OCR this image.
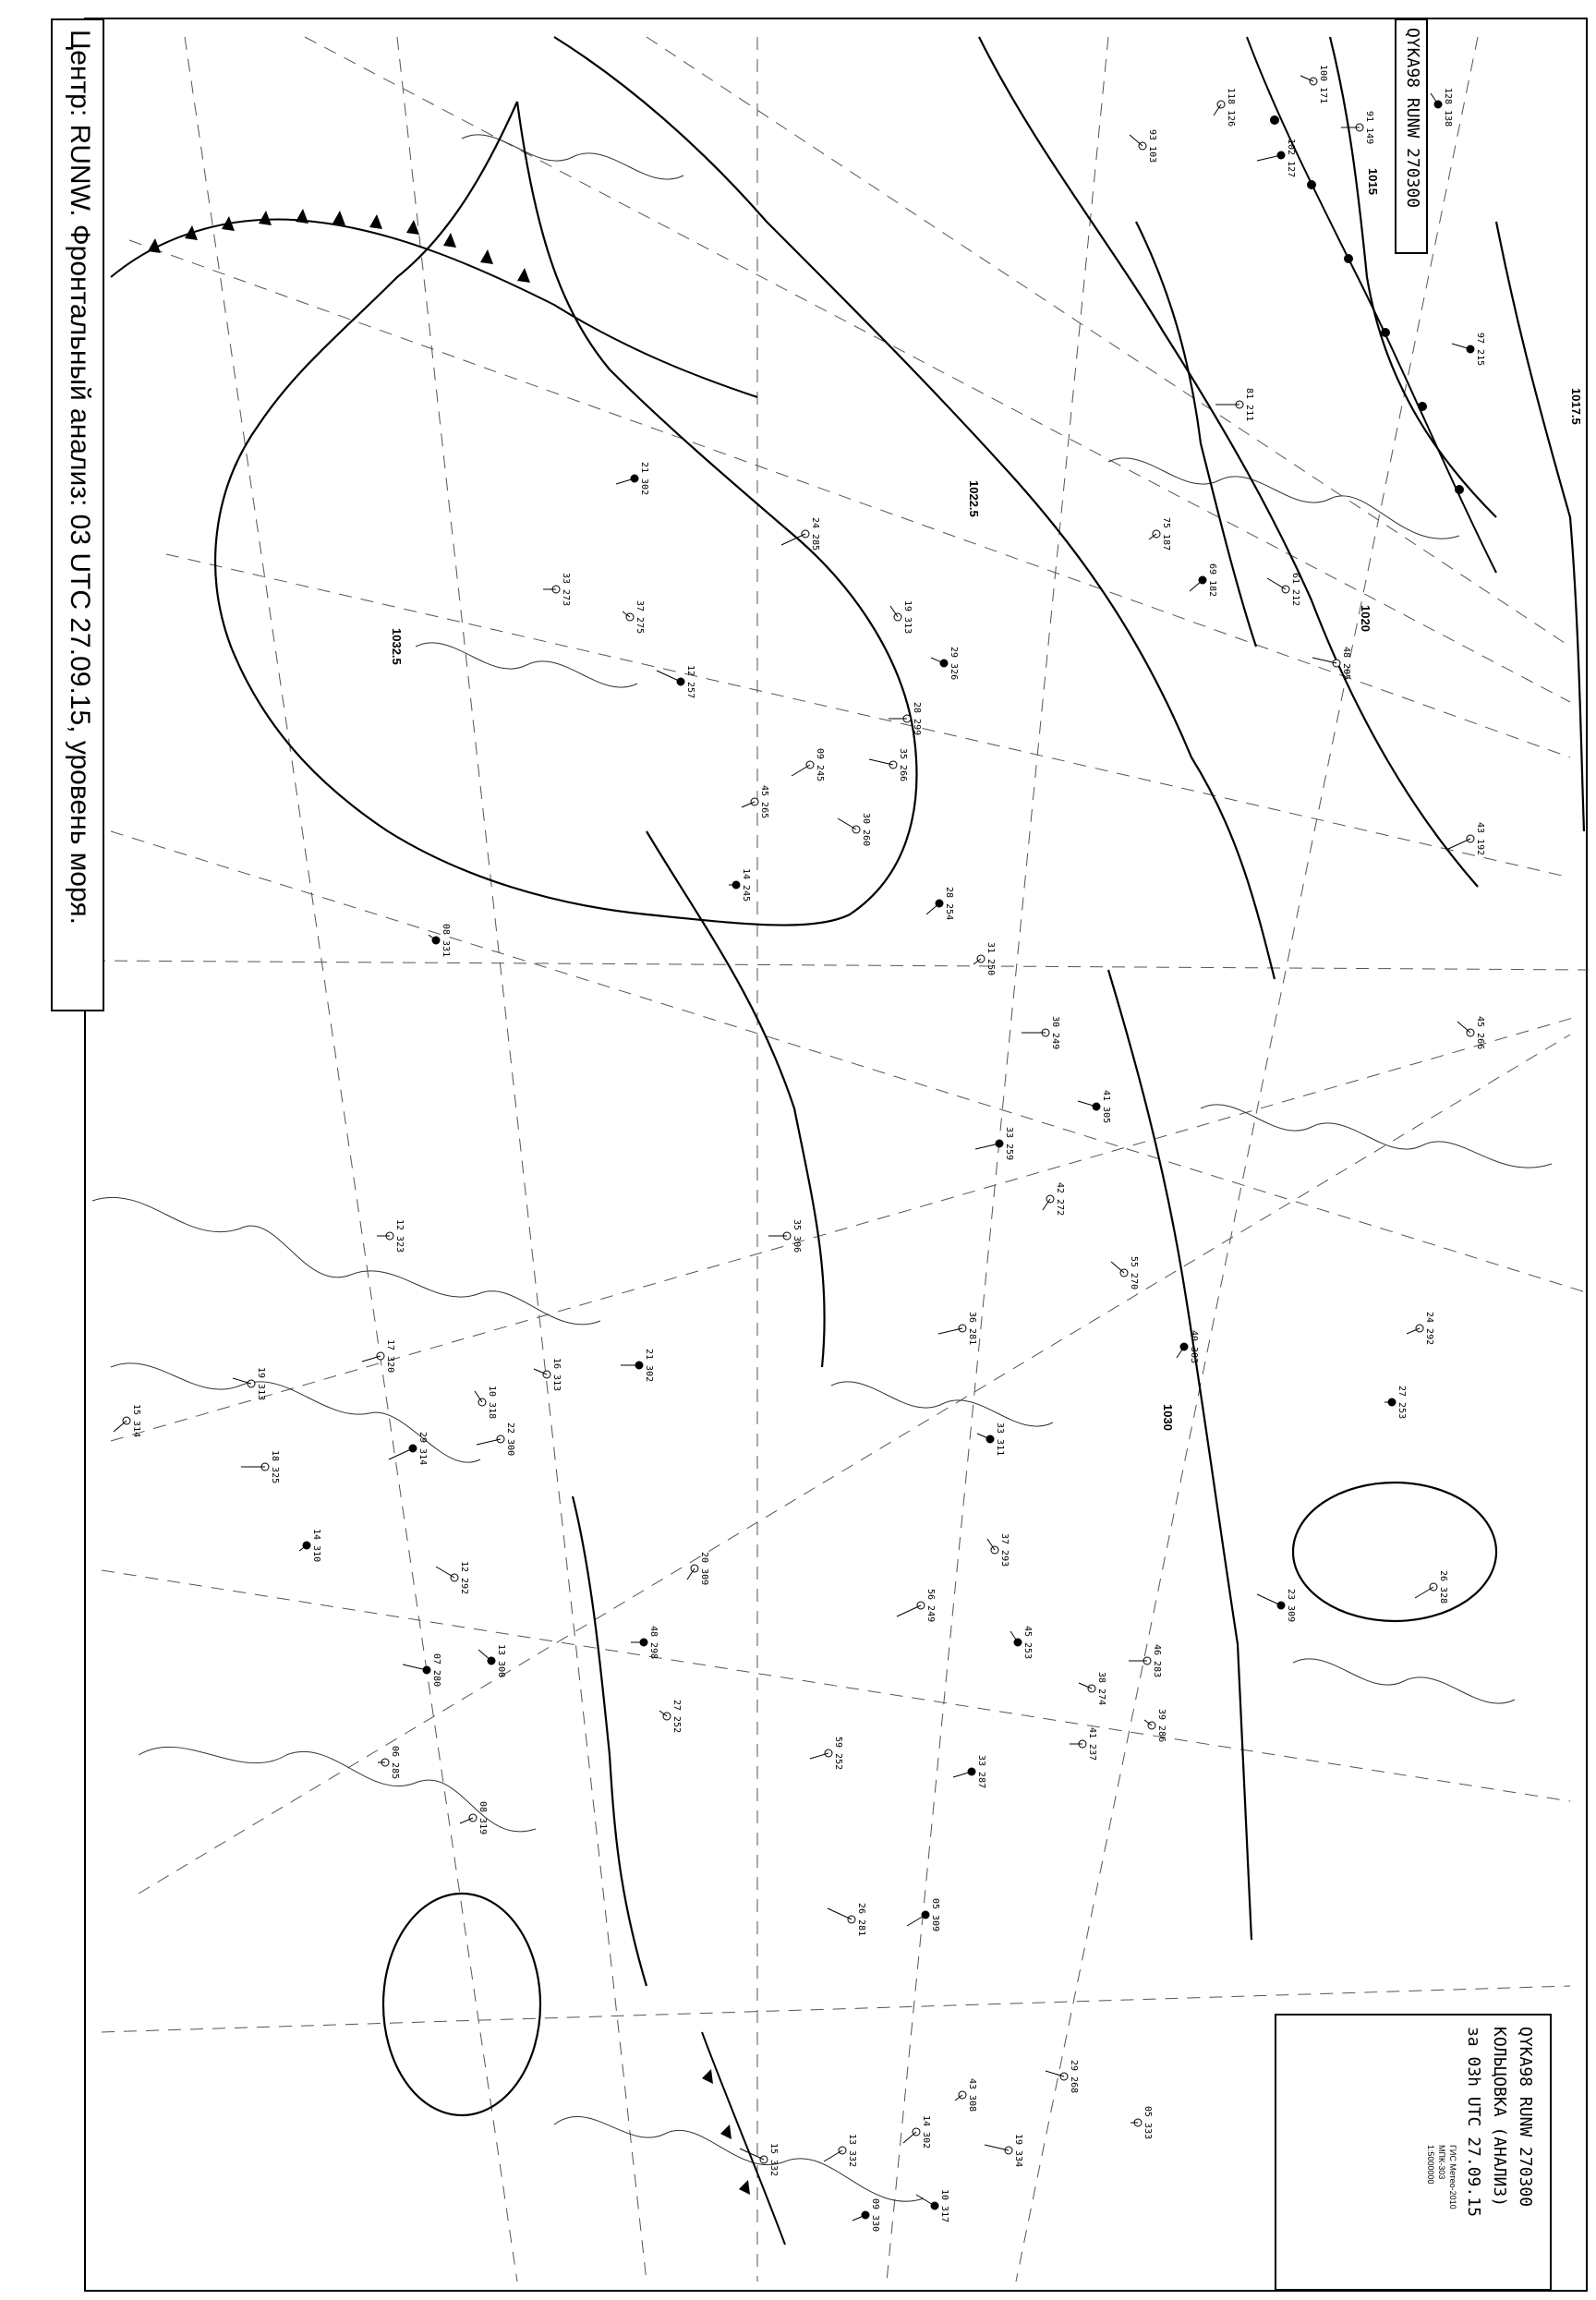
1015
1017.5
1020
1022.5
1030
1032.5
128 138
100 171
91 149
102 127
118 126
93 103
97 215
81 211
75 187
69 182	61 212
48 205
27 253
24 292
26 328
23 309
39 286
41 237
33 287
43 192
37 293
33 311
35 306
36 281
40 303
45 266
29 268
43 308
14 302
10 317
19 334
05 333
09 330
13 332
15 332
08 331
12 323
17 320
29 314
10 318
16 313	21 302
22 300
20 309
13 300
19 313
18 325
14 310
15 314
12 292
07 280
06 285
08 319
05 309
26 281
27 252
48 298
59 252
56 249
45 253
38 274
46 283
33 259
42 272
55 270
41 305
30 249
31 250
28 254
30 260
35 266
14 245
45 265
09 245
12 257
37 275
33 273
21 302
24 285
19 313
29 326
28 299
Центр: RUNW. Фронтальный анализ: 03 UTC 27.09.15, уровень моря.	QYKA98 RUNW 270300
QYKA98 RUNW 270300
КОЛЬЦОВКА (АНАЛИЗ)
за 03h UTC 27.09.15
ГИС Метео-2010
МПК-303
1:5000000
